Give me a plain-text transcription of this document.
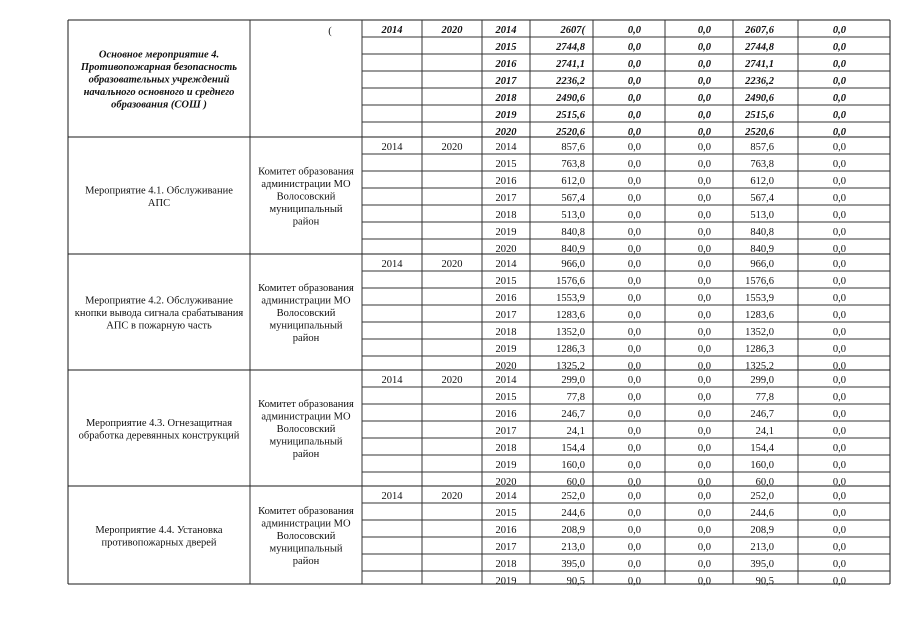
Основное мероприятие 4.
Противопожарная безопасность
образовательных учреждений
начального основного и среднего
образования (СОШ )
(	2014	2020	2014	2607(	0,0	0,0	2607,6	0,0
2015	2744,8	0,0	0,0	2744,8	0,0
2016	2741,1	0,0	0,0	2741,1	0,0
2017	2236,2	0,0	0,0	2236,2	0,0
2018	2490,6	0,0	0,0	2490,6	0,0
2019	2515,6	0,0	0,0	2515,6	0,0
2020	2520,6	0,0	0,0	2520,6	0,0
Мероприятие 4.1. Обслуживание
АПС
Комитет образования
администрации МО
Волосовский
муниципальный
район
2014	2020	2014	857,6	0,0	0,0	857,6	0,0
2015	763,8	0,0	0,0	763,8	0,0
2016	612,0	0,0	0,0	612,0	0,0
2017	567,4	0,0	0,0	567,4	0,0
2018	513,0	0,0	0,0	513,0	0,0
2019	840,8	0,0	0,0	840,8	0,0
2020	840,9	0,0	0,0	840,9	0,0
Мероприятие 4.2. Обслуживание
кнопки вывода сигнала срабатывания
АПС в пожарную часть
Комитет образования
администрации МО
Волосовский
муниципальный
район
2014	2020	2014	966,0	0,0	0,0	966,0	0,0
2015	1576,6	0,0	0,0	1576,6	0,0
2016	1553,9	0,0	0,0	1553,9	0,0
2017	1283,6	0,0	0,0	1283,6	0,0
2018	1352,0	0,0	0,0	1352,0	0,0
2019	1286,3	0,0	0,0	1286,3	0,0
2020	1325,2	0,0	0,0	1325,2	0,0
Мероприятие 4.3. Огнезащитная
обработка деревянных конструкций
Комитет образования
администрации МО
Волосовский
муниципальный
район
2014	2020	2014	299,0	0,0	0,0	299,0	0,0
2015	77,8	0,0	0,0	77,8	0,0
2016	246,7	0,0	0,0	246,7	0,0
2017	24,1	0,0	0,0	24,1	0,0
2018	154,4	0,0	0,0	154,4	0,0
2019	160,0	0,0	0,0	160,0	0,0
2020	60,0	0,0	0,0	60,0	0,0
Мероприятие 4.4. Установка
противопожарных дверей
Комитет образования
администрации МО
Волосовский
муниципальный
район
2014	2020	2014	252,0	0,0	0,0	252,0	0,0
2015	244,6	0,0	0,0	244,6	0,0
2016	208,9	0,0	0,0	208,9	0,0
2017	213,0	0,0	0,0	213,0	0,0
2018	395,0	0,0	0,0	395,0	0,0
2019	90,5	0,0	0,0	90,5	0,0
